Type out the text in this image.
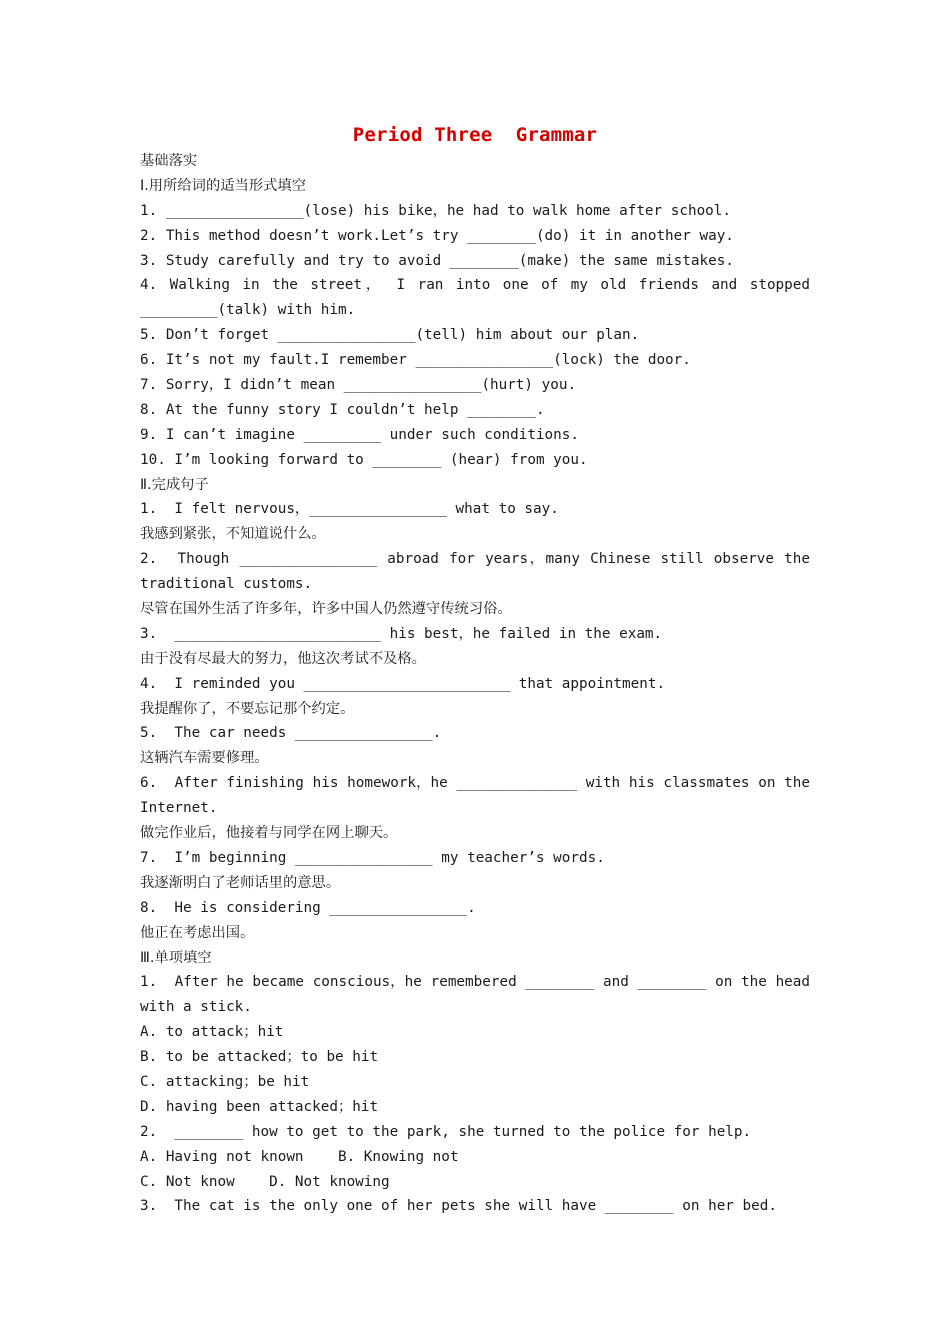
Period Three  Grammar
基础落实
Ⅰ.用所给词的适当形式填空
1. ________________(lose) his bike，he had to walk home after school.
2. This method doesn’t work.Let’s try ________(do) it in another way.
3. Study carefully and try to avoid ________(make) the same mistakes.
4. Walking in the street， I ran into one of my old friends and stopped
_________(talk) with him.
5. Don’t forget ________________(tell) him about our plan.
6. It’s not my fault.I remember ________________(lock) the door.
7. Sorry，I didn’t mean ________________(hurt) you.
8. At the funny story I couldn’t help ________.
9. I can’t imagine _________ under such conditions.
10. I’m looking forward to ________ (hear) from you.
Ⅱ.完成句子
1.  I felt nervous，________________ what to say.
我感到紧张，不知道说什么。
2.  Though ________________ abroad for years，many Chinese still observe the
traditional customs.
尽管在国外生活了许多年，许多中国人仍然遵守传统习俗。
3.  ________________________ his best，he failed in the exam.
由于没有尽最大的努力，他这次考试不及格。
4.  I reminded you ________________________ that appointment.
我提醒你了，不要忘记那个约定。
5.  The car needs ________________.
这辆汽车需要修理。
6.  After finishing his homework，he ______________ with his classmates on the
Internet.
做完作业后，他接着与同学在网上聊天。
7.  I’m beginning ________________ my teacher’s words.
我逐渐明白了老师话里的意思。
8.  He is considering ________________.
他正在考虑出国。
Ⅲ.单项填空
1.  After he became conscious，he remembered ________ and ________ on the head
with a stick.
A. to attack；hit
B. to be attacked；to be hit
C. attacking；be hit
D. having been attacked；hit
2.  ________ how to get to the park, she turned to the police for help.
A. Having not known    B. Knowing not
C. Not know    D. Not knowing
3.  The cat is the only one of her pets she will have ________ on her bed.
